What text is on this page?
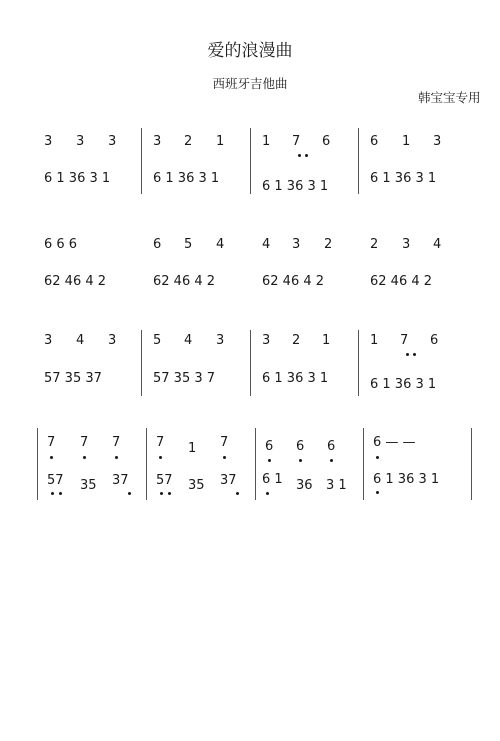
爱的浪漫曲
西班牙吉他曲
韩宝宝专用
3 3 3
6 1 36 3 1
3 2 1
6 1 36 3 1
1 7 6
6 1 36 3 1
6 1 3
6 1 36 3 1
6 6 6
62 46 4 2
6 5 4
62 46 4 2
4 3 2
62 46 4 2
2 3 4
62 46 4 2
3 4 3
57 35 37
5 4 3
57 35 3 7
3 2 1
6 1 36 3 1
1 7 6
6 1 36 3 1
7 7 7
57 35 37
7 1 7
57 35 37
6 6 6
6 1 36 3 1
6 — —
6 1 36 3 1
